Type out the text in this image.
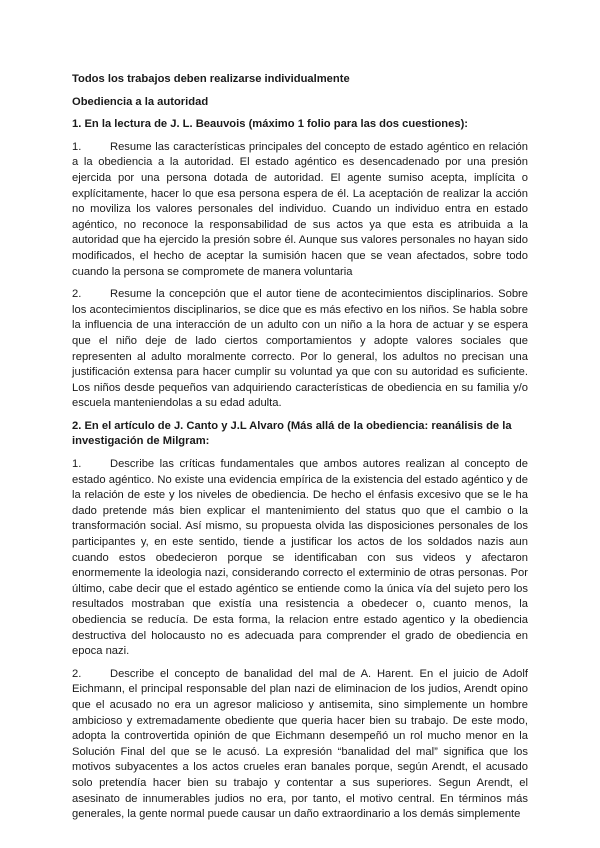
Todos los trabajos deben realizarse individualmente
Obediencia a la autoridad
1. En la lectura de J. L. Beauvois (máximo 1 folio para las dos cuestiones):

1.	Resume las características principales del concepto de estado agéntico en relación a la obediencia a la autoridad. El estado agéntico es desencadenado por una presión ejercida por una persona dotada de autoridad. El agente sumiso acepta, implícita o explícitamente, hacer lo que esa persona espera de él. La aceptación de realizar la acción no moviliza los valores personales del individuo. Cuando un individuo entra en estado agéntico, no reconoce la responsabilidad de sus actos ya que esta es atribuida a la autoridad que ha ejercido la presión sobre él. Aunque sus valores personales no hayan sido modificados, el hecho de aceptar la sumisión hacen que se vean afectados, sobre todo cuando la persona se compromete de manera voluntaria

2.	Resume la concepción que el autor tiene de acontecimientos disciplinarios. Sobre los acontecimientos disciplinarios, se dice que es más efectivo en los niños. Se habla sobre la influencia de una interacción de un adulto con un niño a la hora de actuar y se espera que el niño deje de lado ciertos comportamientos y adopte valores sociales que representen al adulto moralmente correcto. Por lo general, los adultos no precisan una justificación extensa para hacer cumplir su voluntad ya que con su autoridad es suficiente. Los niños desde pequeños van adquiriendo características de obediencia en su familia y/o escuela manteniendolas a su edad adulta.

2. En el artículo de J. Canto y J.L Alvaro (Más allá de la obediencia: reanálisis de la investigación de Milgram:

1.	Describe las críticas fundamentales que ambos autores realizan al concepto de estado agéntico. No existe una evidencia empírica de la existencia del estado agéntico y de la relación de este y los niveles de obediencia. De hecho el énfasis excesivo que se le ha dado pretende más bien explicar el mantenimiento del status quo que el cambio o la transformación social. Así mismo, su propuesta olvida las disposiciones personales de los participantes y, en este sentido, tiende a justificar los actos de los soldados nazis aun cuando estos obedecieron porque se identificaban con sus videos y afectaron enormemente la ideologia nazi, considerando correcto el exterminio de otras personas. Por último, cabe decir que el estado agéntico se entiende como la única vía del sujeto pero los resultados mostraban que existía una resistencia a obedecer o, cuanto menos, la obediencia se reducía. De esta forma, la relacion entre estado agentico y la obediencia destructiva del holocausto no es adecuada para comprender el grado de obediencia en epoca nazi.

2.	Describe el concepto de banalidad del mal de A. Harent. En el juicio de Adolf Eichmann, el principal responsable del plan nazi de eliminacion de los judios, Arendt opino que el acusado no era un agresor malicioso y antisemita, sino simplemente un hombre ambicioso y extremadamente obediente que queria hacer bien su trabajo. De este modo, adopta la controvertida opinión de que Eichmann desempeñó un rol mucho menor en la Solución Final del que se le acusó. La expresión “banalidad del mal” significa que los motivos subyacentes a los actos crueles eran banales porque, según Arendt, el acusado solo pretendía hacer bien su trabajo y contentar a sus superiores. Segun Arendt, el asesinato de innumerables judios no era, por tanto, el motivo central. En términos más generales, la gente normal puede causar un daño extraordinario a los demás simplemente
